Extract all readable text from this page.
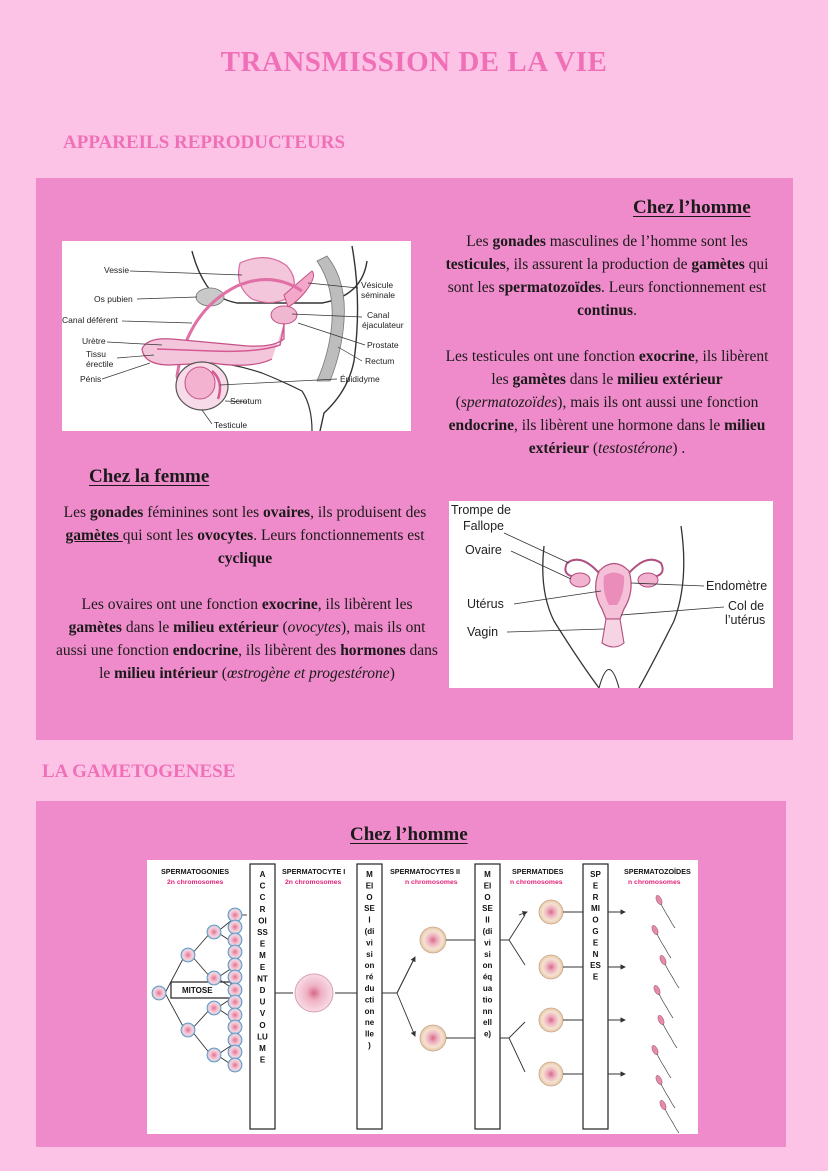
TRANSMISSION DE LA VIE
APPAREILS REPRODUCTEURS
Chez l’homme
Vessie
Os pubien
Canal déférent
Urètre
Tissu
érectile
Pénis
Scrotum
Testicule
Vésicule
séminale
Canal
éjaculateur
Prostate
Rectum
Épididyme
Les gonades masculines de l’homme sont les testicules, ils assurent la production de gamètes qui sont les spermatozoïdes. Leurs fonctionnement est continus.
Les testicules ont une fonction exocrine, ils libèrent les gamètes dans le milieu extérieur (spermatozoïdes), mais ils ont aussi une fonction endocrine, ils libèrent une hormone dans le milieu extérieur (testostérone) .
Chez la femme
Les gonades féminines sont les ovaires, ils produisent des gamètes qui sont les ovocytes. Leurs fonctionnements est cyclique
Les ovaires ont une fonction exocrine, ils libèrent les gamètes dans le milieu extérieur (ovocytes), mais ils ont aussi une fonction endocrine, ils libèrent des hormones dans le milieu intérieur (œstrogène et progestérone)
Trompe de
Fallope
Ovaire
Utérus
Vagin
Endomètre
Col de
l’utérus
LA GAMETOGENESE
Chez l’homme
SPERMATOGONIES
2n chromosomes
SPERMATOCYTE I
2n chromosomes
SPERMATOCYTES II
n chromosomes
SPERMATIDES
n chromosomes
SPERMATOZOÏDES
n chromosomes
A
C
C
R
OI
SS
E
M
E
NT
D
U
V
O
LU
M
E
M
EI
O
SE
I
(di
vi
si
on
ré
du
cti
on
ne
lle
)
M
EI
O
SE
II
(di
vi
si
on
éq
ua
tio
nn
ell
e)
SP
E
R
MI
O
G
E
N
ES
E
MITOSE
